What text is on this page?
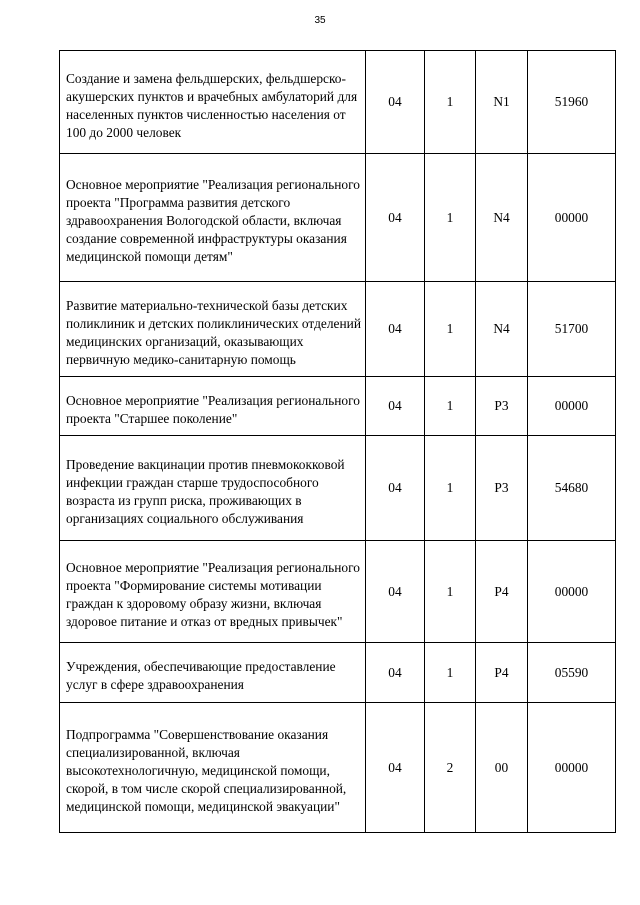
35
Создание и замена фельдшерских, фельдшерско-акушерских пунктов и врачебных амбулаторий для населенных пунктов численностью населения от 100 до 2000 человек	04	1	N1	51960
Основное мероприятие "Реализация регионального проекта "Программа развития детского здравоохранения Вологодской области, включая создание современной инфраструктуры оказания медицинской помощи детям"	04	1	N4	00000
Развитие материально-технической базы детских поликлиник и детских поликлинических отделений медицинских организаций, оказывающих первичную медико-санитарную помощь	04	1	N4	51700
Основное мероприятие "Реализация регионального проекта "Старшее поколение"	04	1	P3	00000
Проведение вакцинации против пневмококковой инфекции граждан старше трудоспособного возраста из групп риска, проживающих в организациях социального обслуживания	04	1	P3	54680
Основное мероприятие "Реализация регионального проекта "Формирование системы мотивации граждан к здоровому образу жизни, включая здоровое питание и отказ от вредных привычек"	04	1	P4	00000
Учреждения, обеспечивающие предоставление услуг в сфере здравоохранения	04	1	P4	05590
Подпрограмма "Совершенствование оказания специализированной, включая высокотехнологичную, медицинской помощи, скорой, в том числе скорой специализированной, медицинской помощи, медицинской эвакуации"	04	2	00	00000
